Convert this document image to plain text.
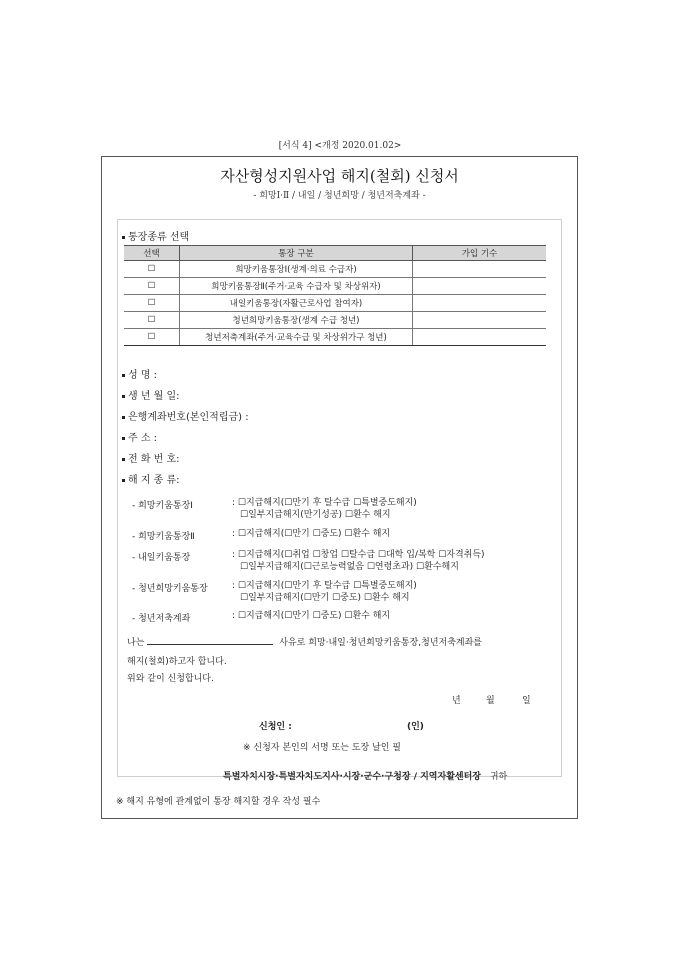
[서식 4] <개정 2020.01.02>
자산형성지원사업 해지(철회) 신청서
- 희망Ⅰ·Ⅱ / 내일 / 청년희망 / 청년저축계좌 -
통장종류 선택
선택	통장 구분	가입 기수
☐	희망키움통장Ⅰ(생계·의료 수급자)	
☐	희망키움통장Ⅱ(주거·교육 수급자 및 차상위자)	
☐	내일키움통장(자활근로사업 참여자)	
☐	청년희망키움통장(생계 수급 청년)	
☐	청년저축계좌(주거·교육수급 및 차상위가구 청년)	
성 명 :
생 년 월 일:
은행계좌번호(본인적립금) :
주 소 :
전 화 번 호:
해 지 종 류:
- 희망키움통장Ⅰ	: ☐지급해지(☐만기 후 탈수급 ☐특별중도해지)
☐일부지급해지(만기성공) ☐환수 해지
- 희망키움통장Ⅱ	: ☐지급해지(☐만기 ☐중도) ☐환수 해지
- 내일키움통장	: ☐지급해지(☐취업 ☐창업 ☐탈수급 ☐대학 입/복학 ☐자격취득)
☐일부지급해지(☐근로능력없음 ☐연령초과) ☐환수해지
- 청년희망키움통장	: ☐지급해지(☐만기 후 탈수급 ☐특별중도해지)
☐일부지급해지(☐만기 ☐중도) ☐환수 해지
- 청년저축계좌	: ☐지급해지(☐만기 ☐중도) ☐환수 해지
나는	사유로 희망·내일·청년희망키움통장,청년저축계좌를
해지(철회)하고자 합니다.
위와 같이 신청합니다.
년	월	일
신청인 :	(인)
※ 신청자 본인의 서명 또는 도장 날인 필
특별자치시장·특별자치도지사·시장·군수·구청장 / 지역자활센터장 귀하
※ 해지 유형에 관계없이 통장 해지할 경우 작성 필수
